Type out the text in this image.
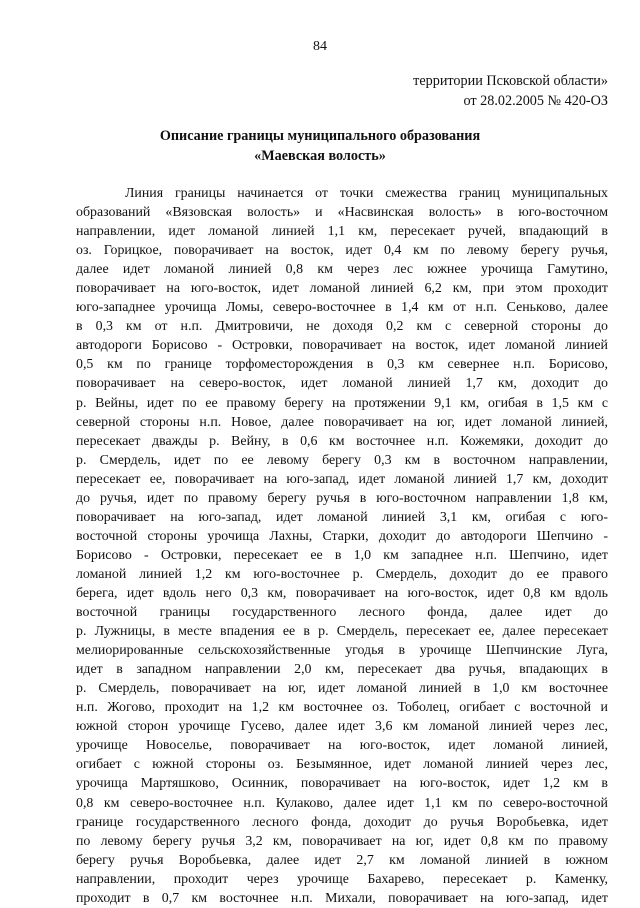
84
территории Псковской области»
от 28.02.2005 № 420-ОЗ
Описание границы муниципального образования
«Маевская волость»
Линия границы начинается от точки смежества границ муниципальных
образований «Вязовская волость» и «Насвинская волость» в юго-восточном
направлении, идет ломаной линией 1,1 км, пересекает ручей, впадающий в
оз. Горицкое, поворачивает на восток, идет 0,4 км по левому берегу ручья,
далее идет ломаной линией 0,8 км через лес южнее урочища Гамутино,
поворачивает на юго-восток, идет ломаной линией 6,2 км, при этом проходит
юго-западнее урочища Ломы, северо-восточнее в 1,4 км от н.п. Сеньково, далее
в 0,3 км от н.п. Дмитровичи, не доходя 0,2 км с северной стороны до
автодороги Борисово - Островки, поворачивает на восток, идет ломаной линией
0,5 км по границе торфоместорождения в 0,3 км севернее н.п. Борисово,
поворачивает на северо-восток, идет ломаной линией 1,7 км, доходит до
р. Вейны, идет по ее правому берегу на протяжении 9,1 км, огибая в 1,5 км с
северной стороны н.п. Новое, далее поворачивает на юг, идет ломаной линией,
пересекает дважды р. Вейну, в 0,6 км восточнее н.п. Кожемяки, доходит до
р. Смердель, идет по ее левому берегу 0,3 км в восточном направлении,
пересекает ее, поворачивает на юго-запад, идет ломаной линией 1,7 км, доходит
до ручья, идет по правому берегу ручья в юго-восточном направлении 1,8 км,
поворачивает на юго-запад, идет ломаной линией 3,1 км, огибая с юго-
восточной стороны урочища Лахны, Старки, доходит до автодороги Шепчино -
Борисово - Островки, пересекает ее в 1,0 км западнее н.п. Шепчино, идет
ломаной линией 1,2 км юго-восточнее р. Смердель, доходит до ее правого
берега, идет вдоль него 0,3 км, поворачивает на юго-восток, идет 0,8 км вдоль
восточной границы государственного лесного фонда, далее идет до
р. Лужницы, в месте впадения ее в р. Смердель, пересекает ее, далее пересекает
мелиорированные сельскохозяйственные угодья в урочище Шепчинские Луга,
идет в западном направлении 2,0 км, пересекает два ручья, впадающих в
р. Смердель, поворачивает на юг, идет ломаной линией в 1,0 км восточнее
н.п. Жогово, проходит на 1,2 км восточнее оз. Тоболец, огибает с восточной и
южной сторон урочище Гусево, далее идет 3,6 км ломаной линией через лес,
урочище Новоселье, поворачивает на юго-восток, идет ломаной линией,
огибает с южной стороны оз. Безымянное, идет ломаной линией через лес,
урочища Мартяшково, Осинник, поворачивает на юго-восток, идет 1,2 км в
0,8 км северо-восточнее н.п. Кулаково, далее идет 1,1 км по северо-восточной
границе государственного лесного фонда, доходит до ручья Воробьевка, идет
по левому берегу ручья 3,2 км, поворачивает на юг, идет 0,8 км по правому
берегу ручья Воробьевка, далее идет 2,7 км ломаной линией в южном
направлении, проходит через урочище Бахарево, пересекает р. Каменку,
проходит в 0,7 км восточнее н.п. Михали, поворачивает на юго-запад, идет
